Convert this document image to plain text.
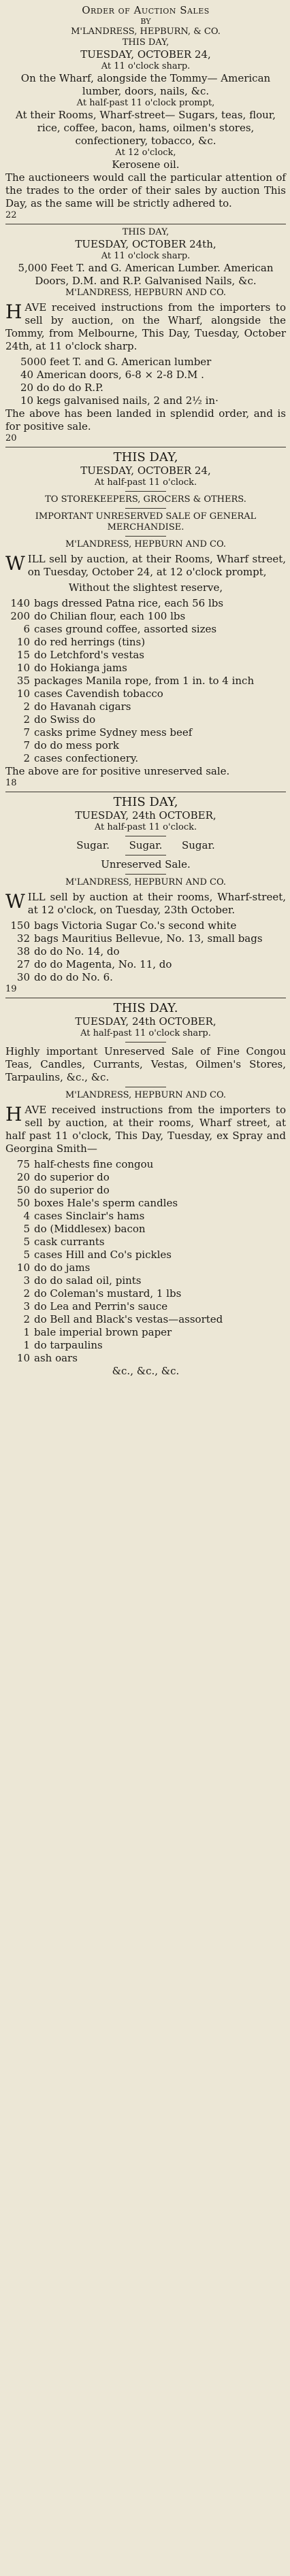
Order of Auction Sales

BY

M'LANDRESS, HEPBURN, & CO.

THIS DAY,

TUESDAY, OCTOBER 24,

At 11 o'clock sharp.

On the Wharf, alongside the Tommy— American lumber, doors, nails, &c.

At half-past 11 o'clock prompt,

At their Rooms, Wharf-street— Sugars, teas, flour, rice, coffee, bacon, hams, oilmen's stores, confectionery, tobacco, &c.

At 12 o'clock,

Kerosene oil.

The auctioneers would call the particular attention of the trades to the order of their sales by auction This Day, as the same will be strictly adhered to.

22

THIS DAY,

TUESDAY, OCTOBER 24th,

At 11 o'clock sharp.

5,000 Feet T. and G. American Lumber. American Doors, D.M. and R.P. Galvanised Nails, &c.

M'LANDRESS, HEPBURN AND CO.

HAVE received instructions from the importers to sell by auction, on the Wharf, alongside the Tommy, from Melbourne, This Day, Tuesday, October 24th, at 11 o'clock sharp.

5000 feet T. and G. American lumber

40 American doors, 6-8 × 2-8 D.M .

20 do do do R.P.

10 kegs galvanised nails, 2 and 2½ in·

The above has been landed in splendid order, and is for positive sale.

20

THIS DAY,

TUESDAY, OCTOBER 24,

At half-past 11 o'clock.

TO STOREKEEPERS, GROCERS & OTHERS.

IMPORTANT UNRESERVED SALE OF GENERAL MERCHANDISE.

M'LANDRESS, HEPBURN AND CO.

WILL sell by auction, at their Rooms, Wharf street, on Tuesday, October 24, at 12 o'clock prompt,

Without the slightest reserve,

140 bags dressed Patna rice, each 56 lbs

200 do Chilian flour, each 100 lbs

6 cases ground coffee, assorted sizes

10 do red herrings (tins)

15 do Letchford's vestas

10 do Hokianga jams

35 packages Manila rope, from 1 in. to 4 inch

10 cases Cavendish tobacco

2 do Havanah cigars

2 do Swiss do

7 casks prime Sydney mess beef

7 do do mess pork

2 cases confectionery.

The above are for positive unreserved sale.

18

THIS DAY,

TUESDAY, 24th OCTOBER,

At half-past 11 o'clock.

Sugar. Sugar. Sugar.

Unreserved Sale.

M'LANDRESS, HEPBURN AND CO.

WILL sell by auction at their rooms, Wharf-street, at 12 o'clock, on Tuesday, 23th October.

150 bags Victoria Sugar Co.'s second white

32 bags Mauritius Bellevue, No. 13, small bags

38 do do No. 14, do

27 do do Magenta, No. 11, do

30 do do do No. 6.

19

THIS DAY.

TUESDAY, 24th OCTOBER,

At half-past 11 o'clock sharp.

Highly important Unreserved Sale of Fine Congou Teas, Candles, Currants, Vestas, Oilmen's Stores, Tarpaulins, &c., &c.

M'LANDRESS, HEPBURN AND CO.

HAVE received instructions from the importers to sell by auction, at their rooms, Wharf street, at half past 11 o'clock, This Day, Tuesday, ex Spray and Georgina Smith—

75 half-chests fine congou

20 do superior do

50 do superior do

50 boxes Hale's sperm candles

4 cases Sinclair's hams

5 do (Middlesex) bacon

5 cask currants

5 cases Hill and Co's pickles

10 do do jams

3 do do salad oil, pints

2 do Coleman's mustard, 1 lbs

3 do Lea and Perrin's sauce

2 do Bell and Black's vestas—assorted

1 bale imperial brown paper

1 do tarpaulins

10 ash oars

&c., &c., &c.
